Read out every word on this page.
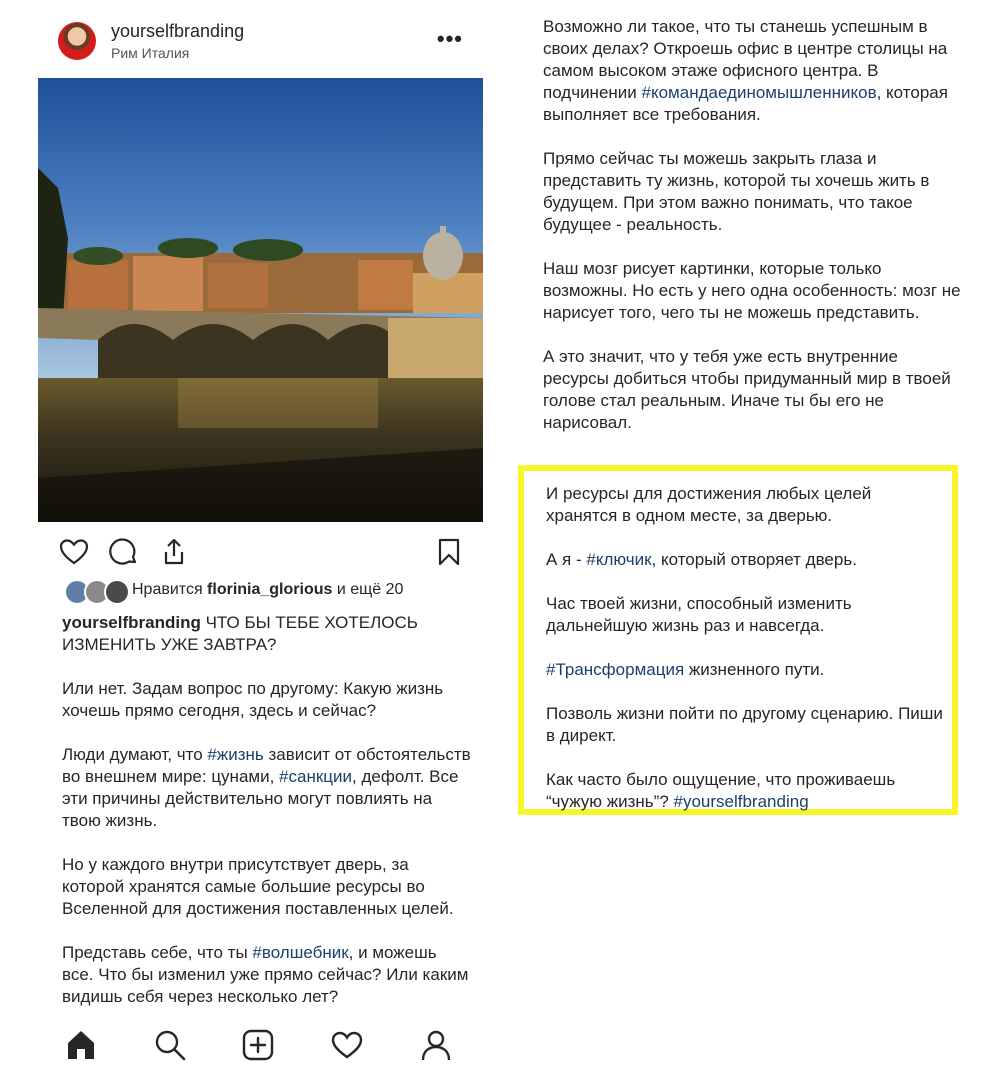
yourselfbranding
Рим Италия
•••
Нравится florinia_glorious и ещё 20

yourselfbranding ЧТО БЫ ТЕБЕ ХОТЕЛОСЬ ИЗМЕНИТЬ УЖЕ ЗАВТРА?

Или нет. Задам вопрос по другому: Какую жизнь хочешь прямо сегодня, здесь и сейчас?

Люди думают, что #жизнь зависит от обстоятельств во внешнем мире: цунами, #санкции, дефолт. Все эти причины действительно могут повлиять на твою жизнь.

Но у каждого внутри присутствует дверь, за которой хранятся самые большие ресурсы во Вселенной для достижения поставленных целей.

Представь себе, что ты #волшебник, и можешь все. Что бы изменил уже прямо сейчас? Или каким видишь себя через несколько лет?

Возможно ли такое, что ты станешь успешным в своих делах? Откроешь офис в центре столицы на самом высоком этаже офисного центра. В подчинении #командаединомышленников, которая выполняет все требования.

Прямо сейчас ты можешь закрыть глаза и представить ту жизнь, которой ты хочешь жить в будущем. При этом важно понимать, что такое будущее - реальность.

Наш мозг рисует картинки, которые только возможны. Но есть у него одна особенность: мозг не нарисует того, чего ты не можешь представить.

А это значит, что у тебя уже есть внутренние ресурсы добиться чтобы придуманный мир в твоей голове стал реальным. Иначе ты бы его не нарисовал.

И ресурсы для достижения любых целей хранятся в одном месте, за дверью.

А я - #ключик, который отворяет дверь.

Час твоей жизни, способный изменить дальнейшую жизнь раз и навсегда.

#Трансформация жизненного пути.

Позволь жизни пойти по другому сценарию. Пиши в директ.

Как часто было ощущение, что проживаешь “чужую жизнь”? #yourselfbranding
